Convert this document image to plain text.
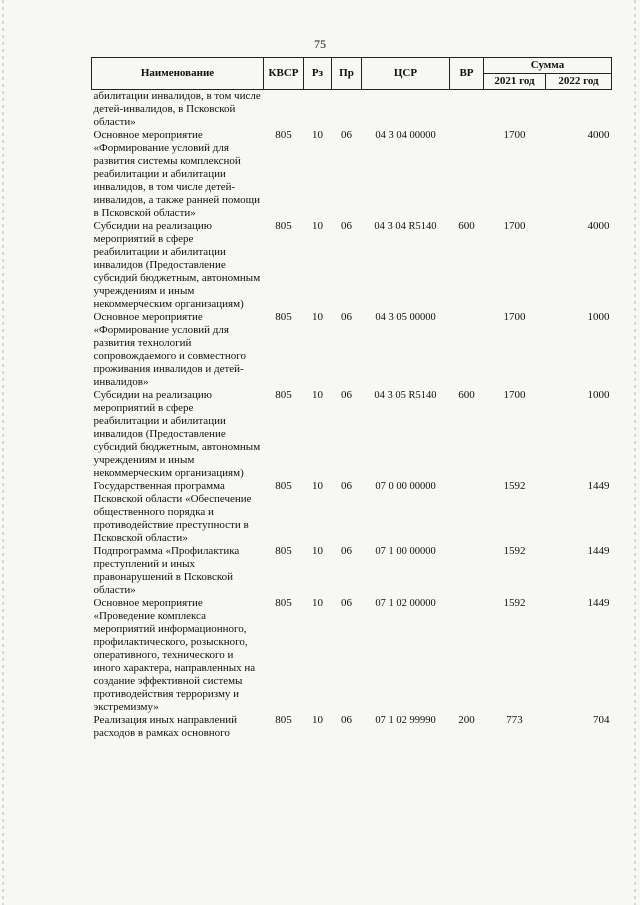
75
Наименование	КВСР	Рз	Пр	ЦСР	ВР	Сумма	
						2021 год	2022 год
абилитации инвалидов, в том числе детей-инвалидов, в Псковской области»							
Основное мероприятие «Формирование условий для развития системы комплексной реабилитации и абилитации инвалидов, в том числе детей-инвалидов, а также ранней помощи в Псковской области»	805	10	06	04 3 04 00000		1700	4000
Субсидии на реализацию мероприятий в сфере реабилитации и абилитации инвалидов (Предоставление субсидий бюджетным, автономным учреждениям и иным некоммерческим организациям)	805	10	06	04 3 04 R5140	600	1700	4000
Основное мероприятие «Формирование условий для развития технологий сопровождаемого и совместного проживания инвалидов и детей-инвалидов»	805	10	06	04 3 05 00000		1700	1000
Субсидии на реализацию мероприятий в сфере реабилитации и абилитации инвалидов (Предоставление субсидий бюджетным, автономным учреждениям и иным некоммерческим организациям)	805	10	06	04 3 05 R5140	600	1700	1000
Государственная программа Псковской области «Обеспечение общественного порядка и противодействие преступности в Псковской области»	805	10	06	07 0 00 00000		1592	1449
Подпрограмма «Профилактика преступлений и иных правонарушений в Псковской области»	805	10	06	07 1 00 00000		1592	1449
Основное мероприятие «Проведение комплекса мероприятий информационного, профилактического, розыскного, оперативного, технического и иного характера, направленных на создание эффективной системы противодействия терроризму и экстремизму»	805	10	06	07 1 02 00000		1592	1449
Реализация иных направлений расходов в рамках основного	805	10	06	07 1 02 99990	200	773	704
